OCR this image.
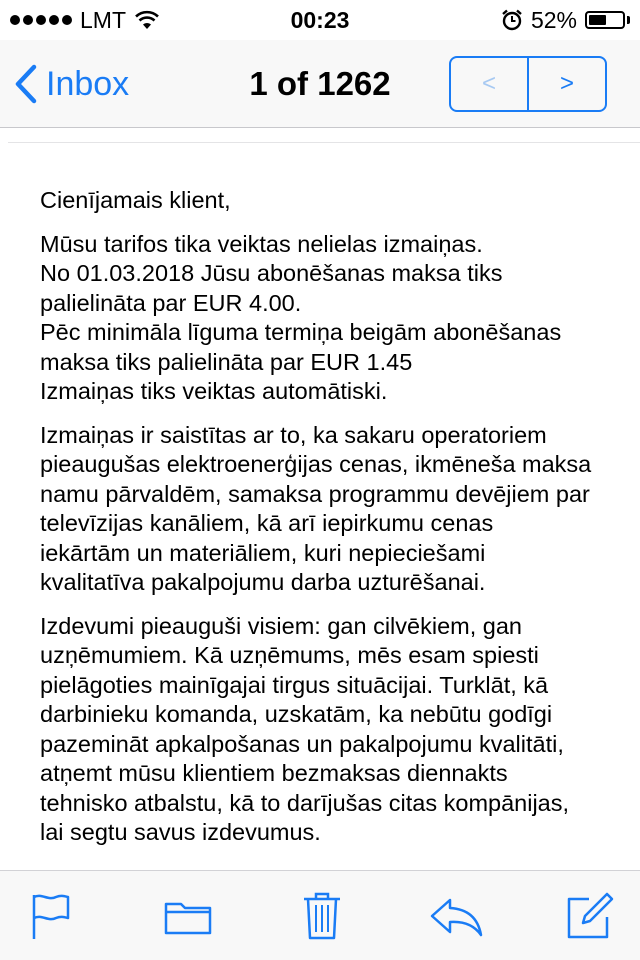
LMT	00:23	52%
Inbox	1 of 1262	<	>

Cienījamais klient,

Mūsu tarifos tika veiktas nelielas izmaiņas.
No 01.03.2018 Jūsu abonēšanas maksa tiks
palielināta par EUR 4.00.
Pēc minimāla līguma termiņa beigām abonēšanas
maksa tiks palielināta par EUR 1.45
Izmaiņas tiks veiktas automātiski.

Izmaiņas ir saistītas ar to, ka sakaru operatoriem
pieaugušas elektroenerģijas cenas, ikmēneša maksa
namu pārvaldēm, samaksa programmu devējiem par
televīzijas kanāliem, kā arī iepirkumu cenas
iekārtām un materiāliem, kuri nepieciešami
kvalitatīva pakalpojumu darba uzturēšanai.

Izdevumi pieauguši visiem: gan cilvēkiem, gan
uzņēmumiem. Kā uzņēmums, mēs esam spiesti
pielāgoties mainīgajai tirgus situācijai. Turklāt, kā
darbinieku komanda, uzskatām, ka nebūtu godīgi
pazemināt apkalpošanas un pakalpojumu kvalitāti,
atņemt mūsu klientiem bezmaksas diennakts
tehnisko atbalstu, kā to darījušas citas kompānijas,
lai segtu savus izdevumus.
